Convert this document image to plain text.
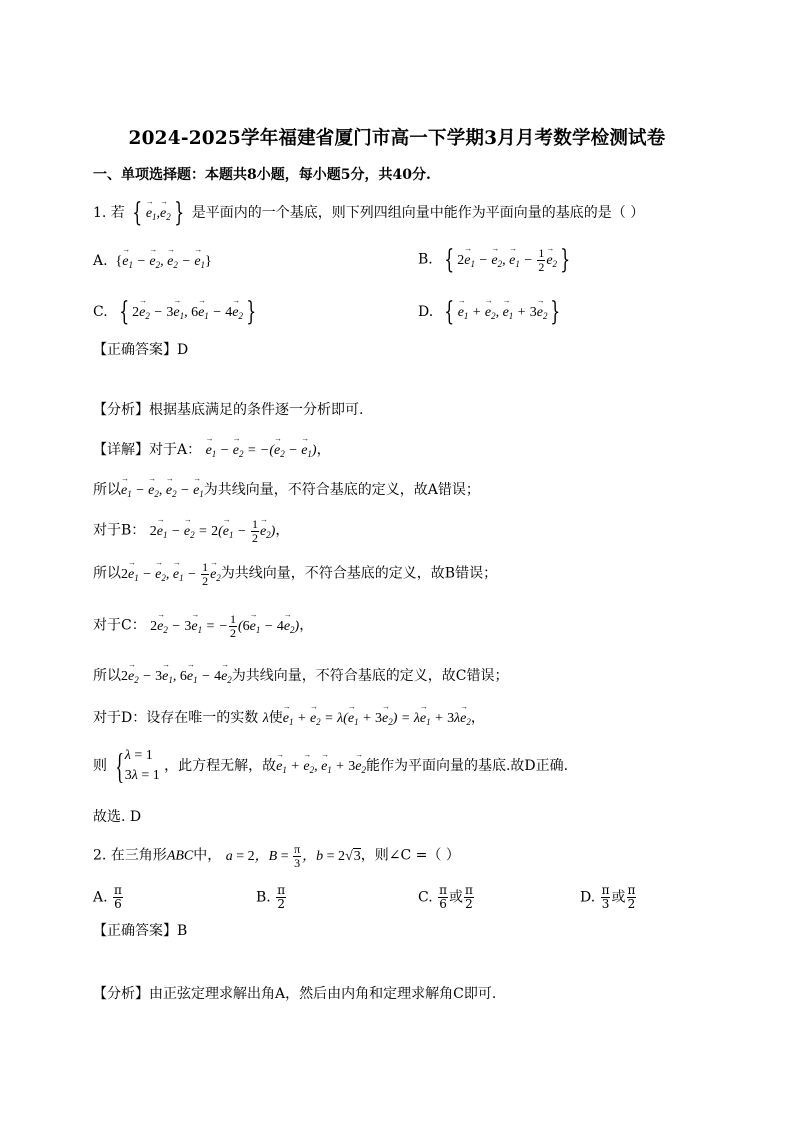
2024-2025学年福建省厦门市高一下学期3月月考数学检测试卷
一、单项选择题：本题共8小题，每小题5分，共40分.
1. 若 {→ $e_1,\to e_2$ } 是平面内的一个基底，则下列四组向量中能作为平面向量的基底的是（ ）
A. {→ $e_1$ − → $e_2$, → $e_2$ − → $e_1$}	B. { $2\to e_1$ − → $e_2$, → $e_1 - \frac{1}{2}$
→ $e_2$ }
C. { $2\to e_2 - 3\to e_1$, $6\to e_1 - 4\to e_2$ }	D. {→ $e_1$ + → $e_2$, → $e_1 + 3\to e_2$ }
【正确答案】D
【分析】根据基底满足的条件逐一分析即可.
【详解】对于A： → $e_1$ − → $e_2$ = −(→ $e_2$ − → $e_1$)，
所以→ $e_1$ − → $e_2$, → $e_2$ − → $e_1$为共线向量，不符合基底的定义，故A错误；
对于B： $2\to e_1$ − → $e_2 = 2(\to e_1 - \frac{1}{2}$
→ $e_2$)，
所以$2\to e_1$ − → $e_2$, → $e_1 - \frac{1}{2}$
→ $e_2$为共线向量，不符合基底的定义，故B错误；
对于C： $2\to e_2 - 3\to e_1$ = − $\frac{1}{2} (6\to e_1 - 4\to e_2)$，
所以$2\to e_2 - 3\to e_1$, $6\to e_1 - 4\to e_2$为共线向量，不符合基底的定义，故C错误；
对于D：设存在唯一的实数 λ使→ $e_1$ + → $e_2 = \lambda(\to e_1 + 3\to e_2) = \lambda\to e_1 + 3\lambda\to e_2$，
则 { λ = 1
3λ = 1
，此方程无解，故→ $e_1$ + → $e_2$, → $e_1 + 3\to e_2$能作为平面向量的基底.故D正确.
故选. D
2. 在三角形ABC中， a = 2，$B = \frac{\pi}{3}$ ，b = 2√3，则∠C =（ ）
A. $\frac{\pi}{6}$	B. $\frac{\pi}{2}$	C. $\frac{\pi}{6}$ 或 $\frac{\pi}{2}$	D. $\frac{\pi}{3}$ 或 $\frac{\pi}{2}$
【正确答案】B
【分析】由正弦定理求解出角A，然后由内角和定理求解角C即可.
